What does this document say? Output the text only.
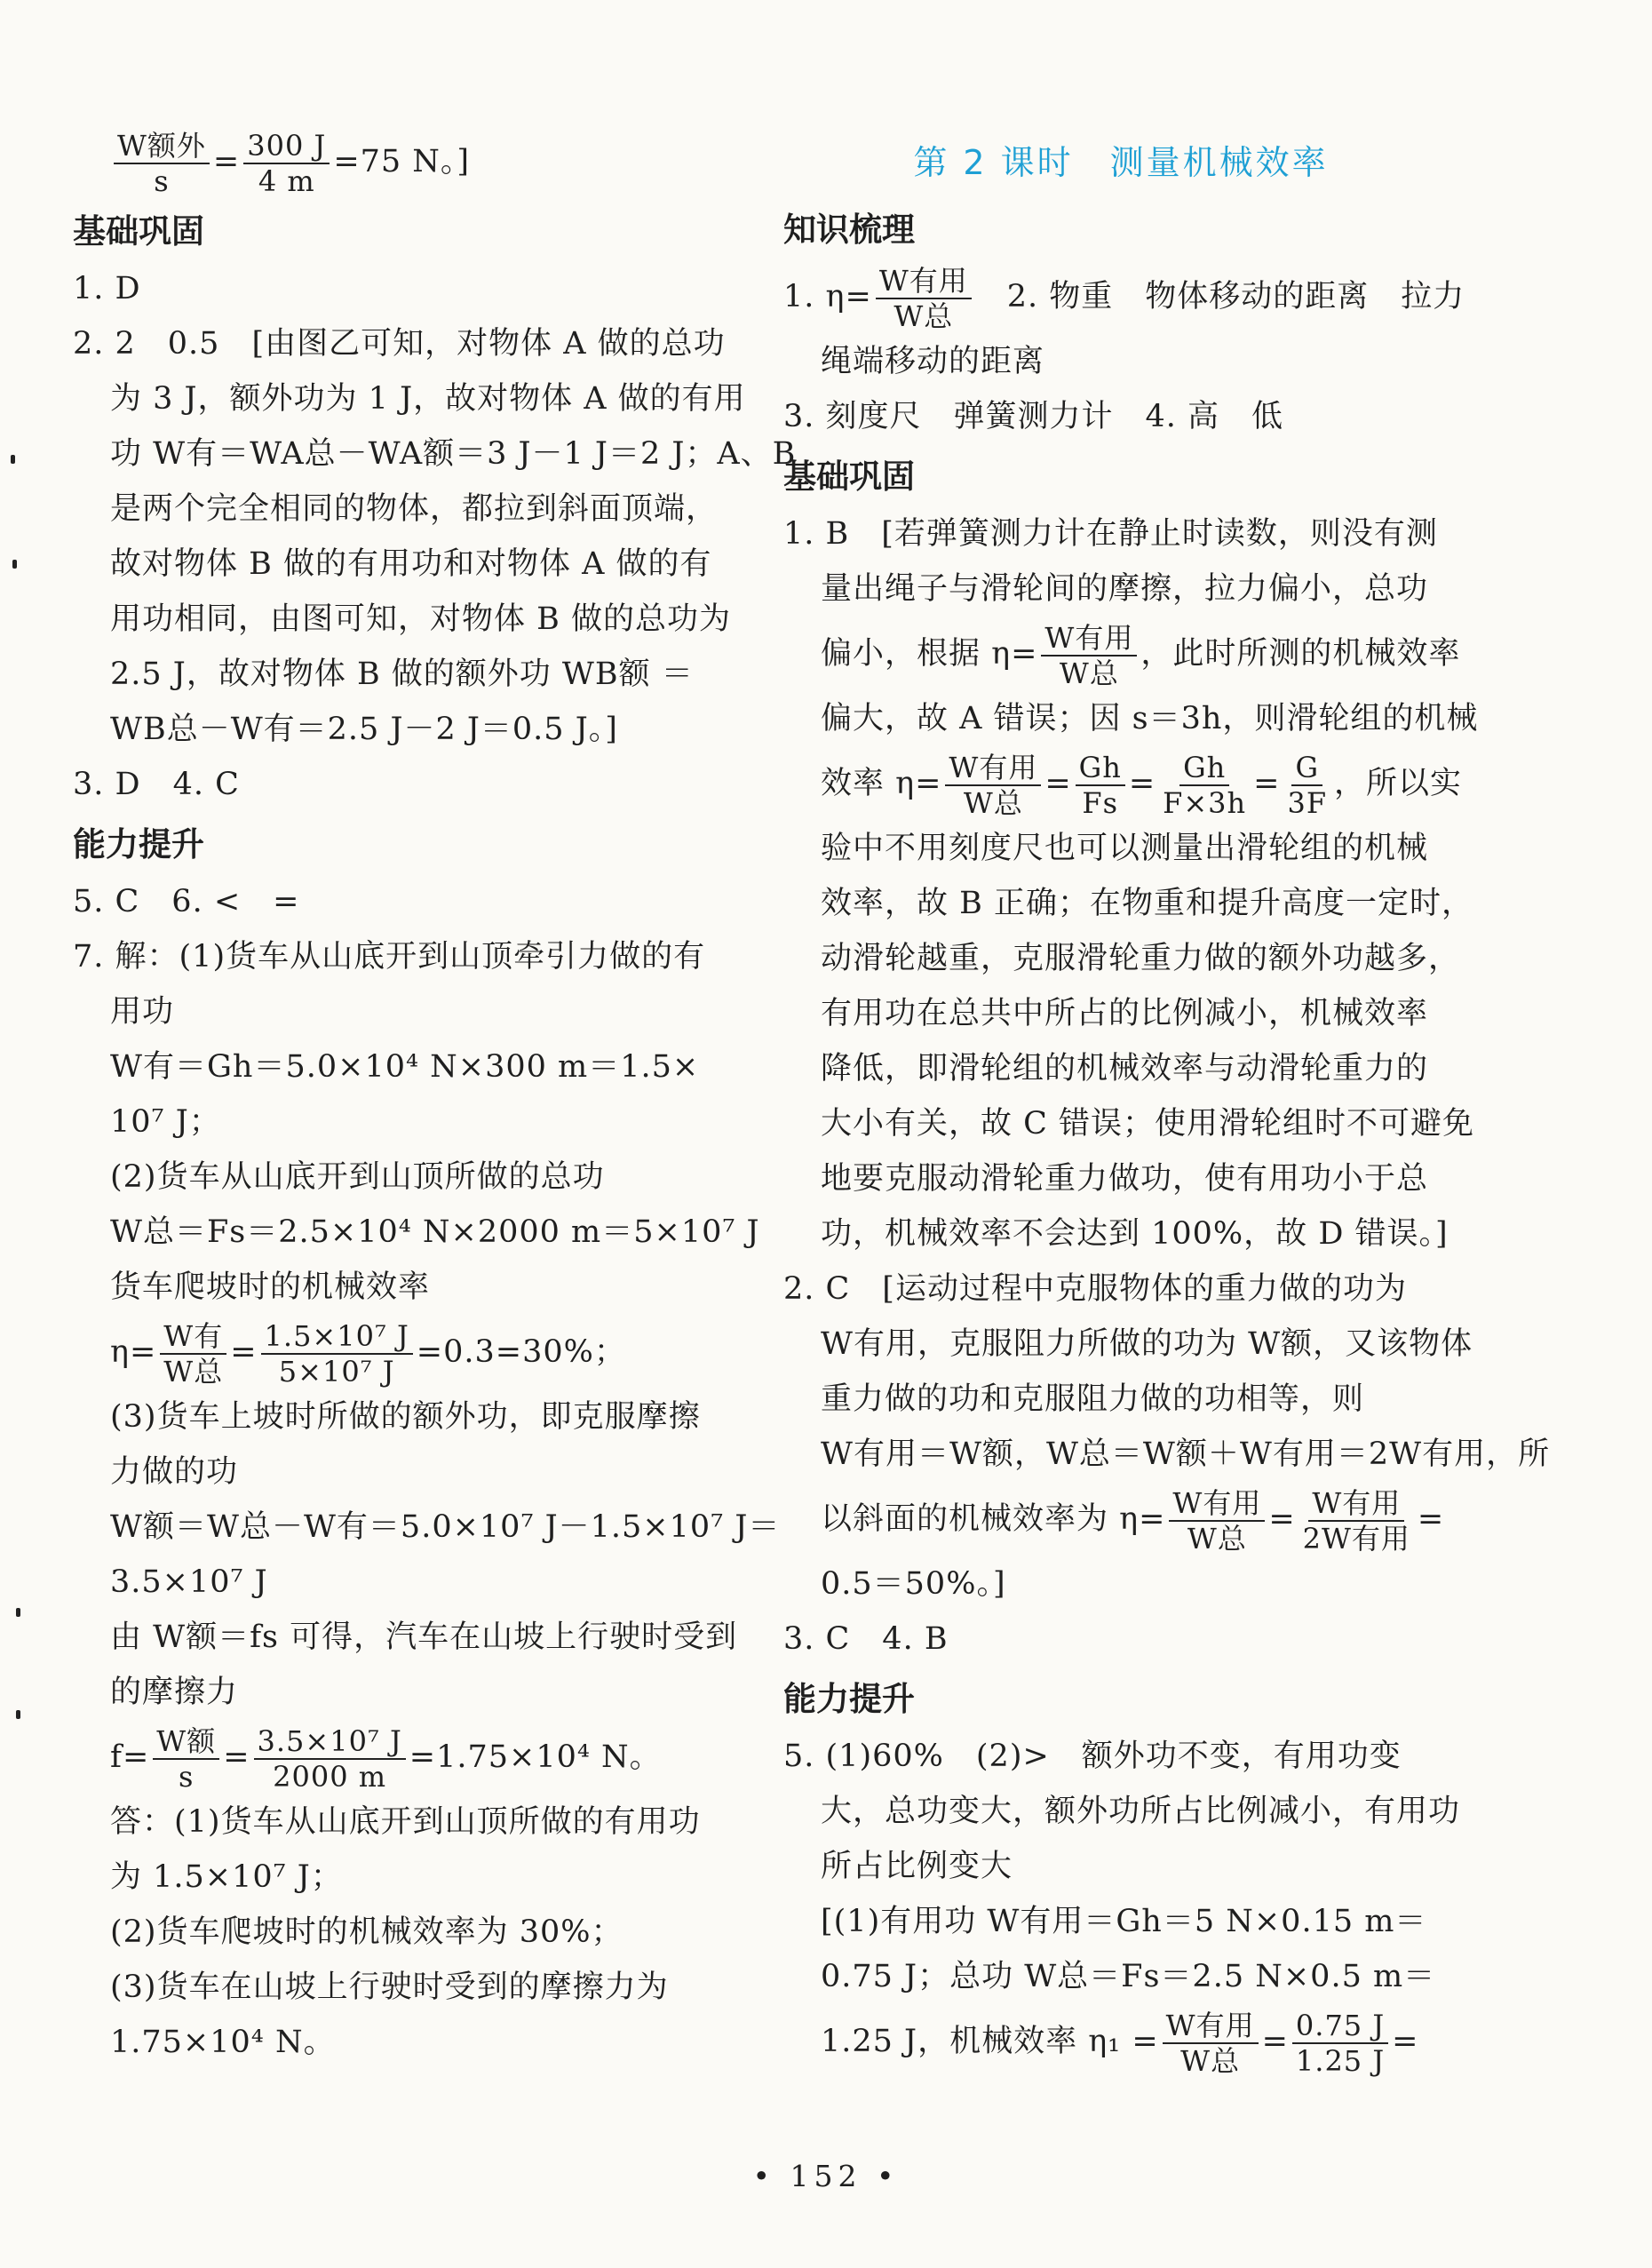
$\frac{\text{W额外}}{s} = \frac{300 J}{4 m} =75$ N。]
基础巩固
1. D
2. 2　0.5　[由图乙可知，对物体 A 做的总功
为 3 J，额外功为 1 J，故对物体 A 做的有用
功 W有＝WA总－WA额＝3 J－1 J＝2 J；A、B
是两个完全相同的物体，都拉到斜面顶端，
故对物体 B 做的有用功和对物体 A 做的有
用功相同，由图可知，对物体 B 做的总功为
2.5 J，故对物体 B 做的额外功 WB额 ＝
WB总－W有＝2.5 J－2 J＝0.5 J。]
3. D　4. C
能力提升
5. C　6. <　=
7. 解：(1)货车从山底开到山顶牵引力做的有
用功
W有＝Gh＝5.0×10⁴ N×300 m＝1.5×
10⁷ J；
(2)货车从山底开到山顶所做的总功
W总＝Fs＝2.5×10⁴ N×2000 m＝5×10⁷ J
货车爬坡时的机械效率
$\eta= \frac{\text{W有}}{\text{W总}} = \frac{\text{1.5×10⁷ J}}{\text{5×10⁷ J}} =0.3=30\%$；
(3)货车上坡时所做的额外功，即克服摩擦
力做的功
W额＝W总－W有＝5.0×10⁷ J－1.5×10⁷ J＝
3.5×10⁷ J
由 W额＝fs 可得，汽车在山坡上行驶时受到
的摩擦力
$f= \frac{\text{W额}}{s} = \frac{\text{3.5×10⁷ J}}{2000 m} =1.75\times 10^4$ N。
答：(1)货车从山底开到山顶所做的有用功
为 1.5×10⁷ J；
(2)货车爬坡时的机械效率为 30%；
(3)货车在山坡上行驶时受到的摩擦力为
1.75×10⁴ N。
第 2 课时　测量机械效率
知识梳理
1. $\eta= \frac{\text{W有用}}{\text{W总}}$ 　2. 物重　物体移动的距离　拉力
绳端移动的距离
3. 刻度尺　弹簧测力计　4. 高　低
基础巩固
1. B　[若弹簧测力计在静止时读数，则没有测
量出绳子与滑轮间的摩擦，拉力偏小，总功
偏小，根据 $\eta= \frac{\text{W有用}}{\text{W总}}$ ，此时所测的机械效率
偏大，故 A 错误；因 s＝3h，则滑轮组的机械
效率 $\eta= \frac{\text{W有用}}{\text{W总}} = \frac{Gh}{Fs} = \frac{Gh}{F\times 3h} = \frac{G}{3F}$ ，所以实
验中不用刻度尺也可以测量出滑轮组的机械
效率，故 B 正确；在物重和提升高度一定时，
动滑轮越重，克服滑轮重力做的额外功越多，
有用功在总共中所占的比例减小，机械效率
降低，即滑轮组的机械效率与动滑轮重力的
大小有关，故 C 错误；使用滑轮组时不可避免
地要克服动滑轮重力做功，使有用功小于总
功，机械效率不会达到 100%，故 D 错误。]
2. C　[运动过程中克服物体的重力做的功为
W有用，克服阻力所做的功为 W额，又该物体
重力做的功和克服阻力做的功相等，则
W有用＝W额，W总＝W额＋W有用＝2W有用，所
以斜面的机械效率为 $\eta= \frac{\text{W有用}}{\text{W总}} = \frac{\text{W有用}}{\text{2W有用}}$ =
0.5＝50%。]
3. C　4. B
能力提升
5. (1)60%　(2)>　额外功不变，有用功变
大，总功变大，额外功所占比例减小，有用功
所占比例变大
[(1)有用功 W有用＝Gh＝5 N×0.15 m＝
0.75 J；总功 W总＝Fs＝2.5 N×0.5 m＝
1.25 J，机械效率 $\eta_1 = \frac{\text{W有用}}{\text{W总}} = \frac{0.75 J}{1.25 J}$ =
• 152 •
